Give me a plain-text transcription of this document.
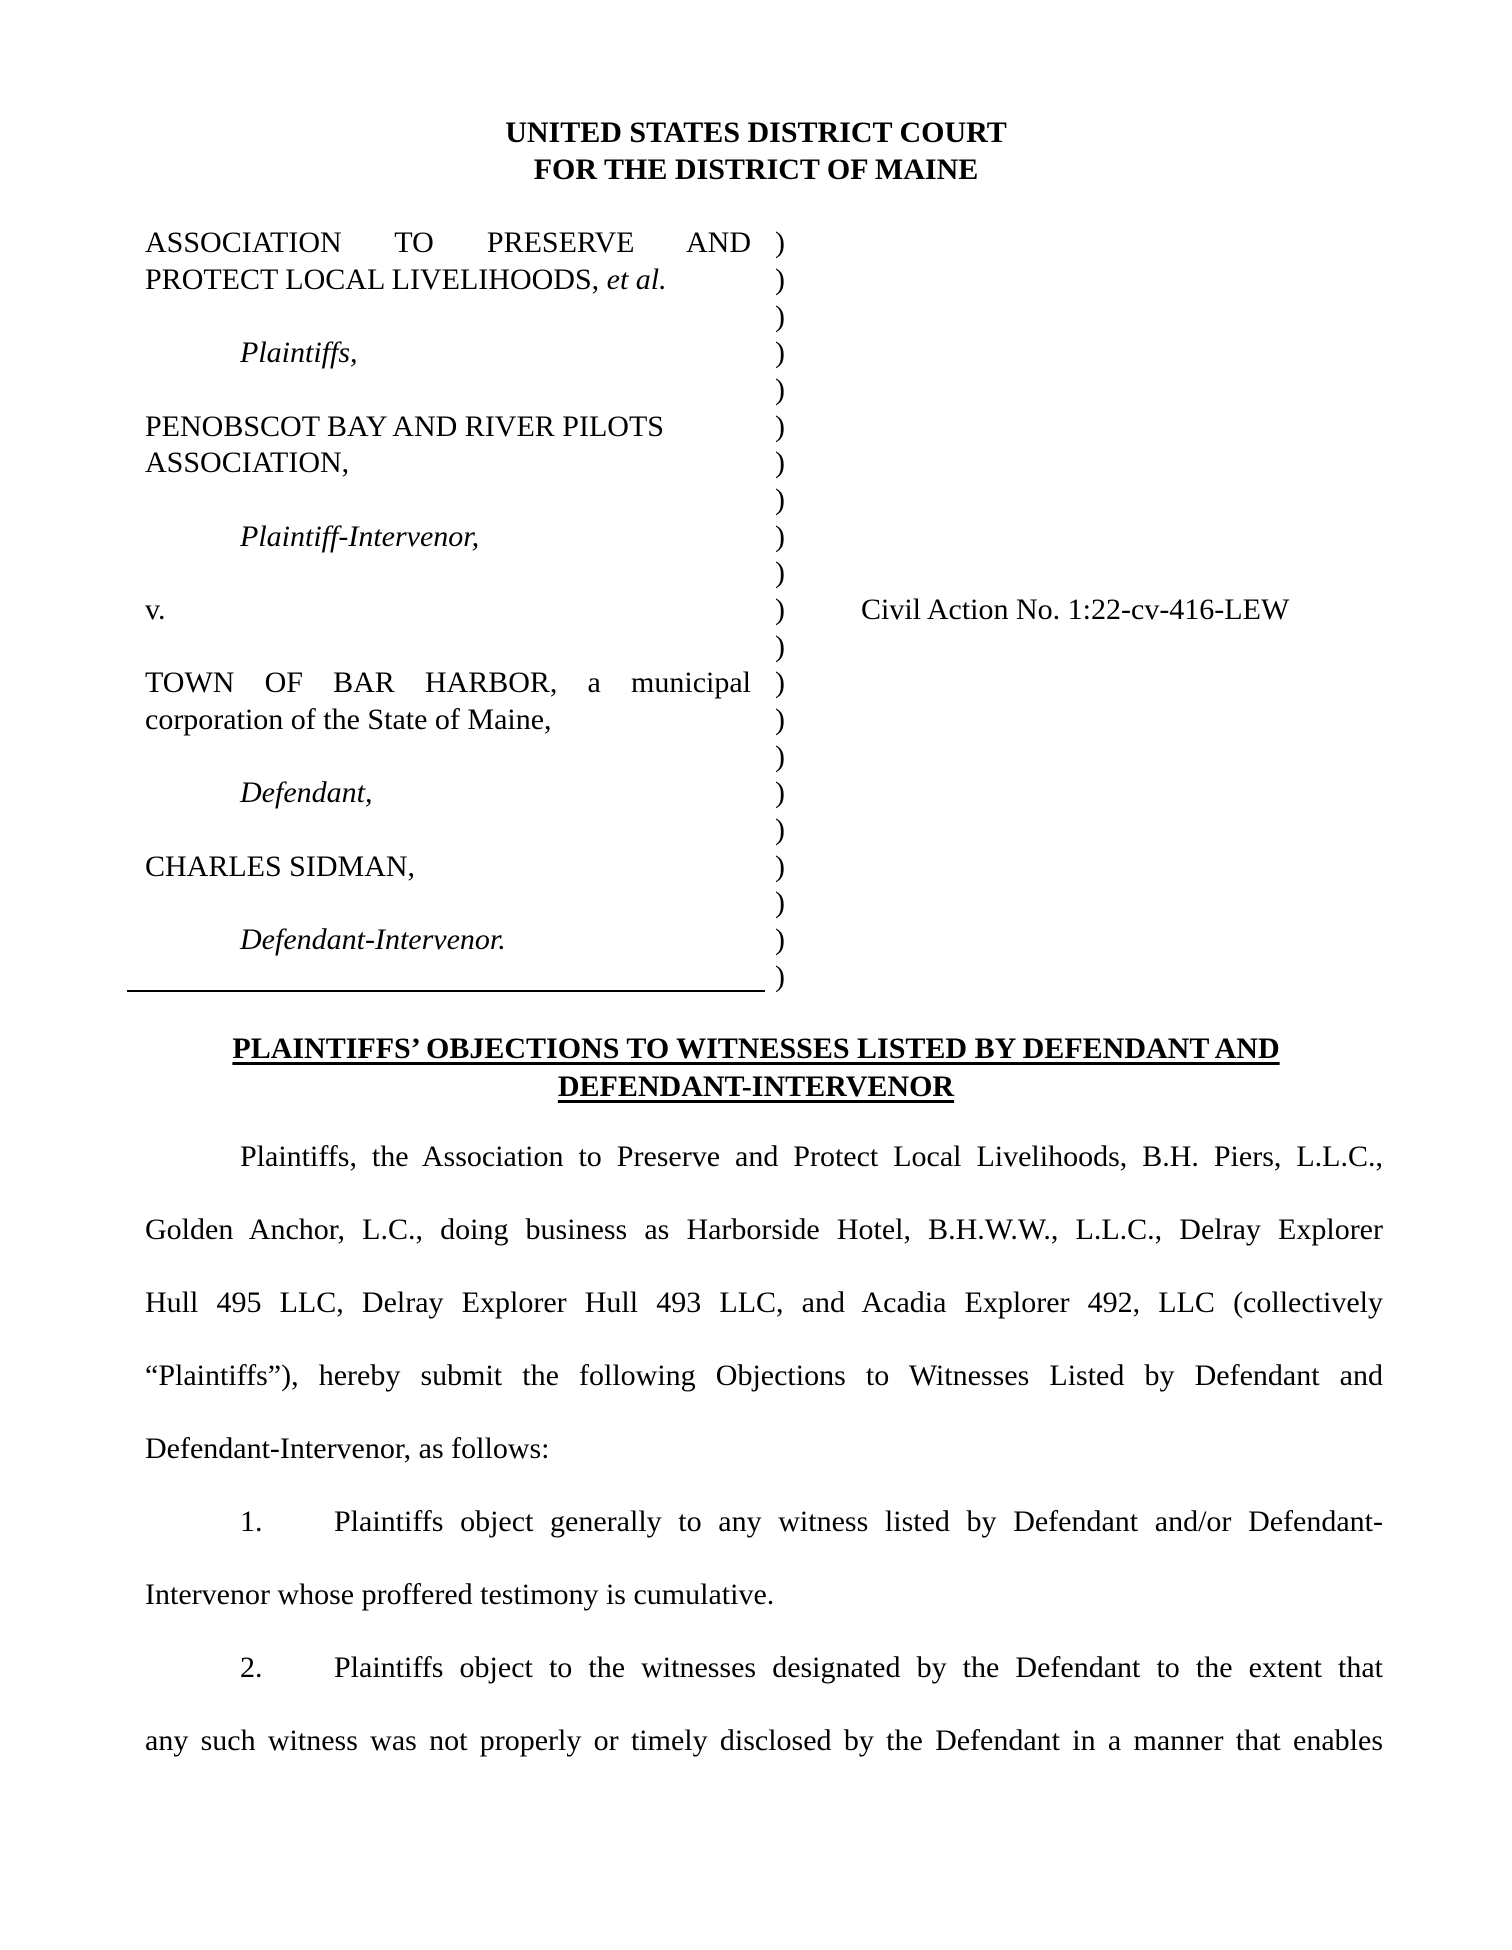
UNITED STATES DISTRICT COURT
FOR THE DISTRICT OF MAINE
ASSOCIATION TO PRESERVE AND )
PROTECT LOCAL LIVELIHOODS, et al.	)
)
Plaintiffs,	)
)
PENOBSCOT BAY AND RIVER PILOTS	)
ASSOCIATION,	)
)
Plaintiff-Intervenor,	)
)
v.	)	Civil Action No. 1:22-cv-416-LEW
)
TOWN OF BAR HARBOR, a municipal )
corporation of the State of Maine,	)
)
Defendant,	)
)
CHARLES SIDMAN,	)
)
Defendant-Intervenor.	)
)
PLAINTIFFS’ OBJECTIONS TO WITNESSES LISTED BY DEFENDANT AND
DEFENDANT-INTERVENOR
Plaintiffs, the Association to Preserve and Protect Local Livelihoods, B.H. Piers, L.L.C.,
Golden Anchor, L.C., doing business as Harborside Hotel, B.H.W.W., L.L.C., Delray Explorer
Hull 495 LLC, Delray Explorer Hull 493 LLC, and Acadia Explorer 492, LLC (collectively
“Plaintiffs”), hereby submit the following Objections to Witnesses Listed by Defendant and
Defendant-Intervenor, as follows:
1. Plaintiffs object generally to any witness listed by Defendant and/or Defendant-
Intervenor whose proffered testimony is cumulative.
2. Plaintiffs object to the witnesses designated by the Defendant to the extent that
any such witness was not properly or timely disclosed by the Defendant in a manner that enables
